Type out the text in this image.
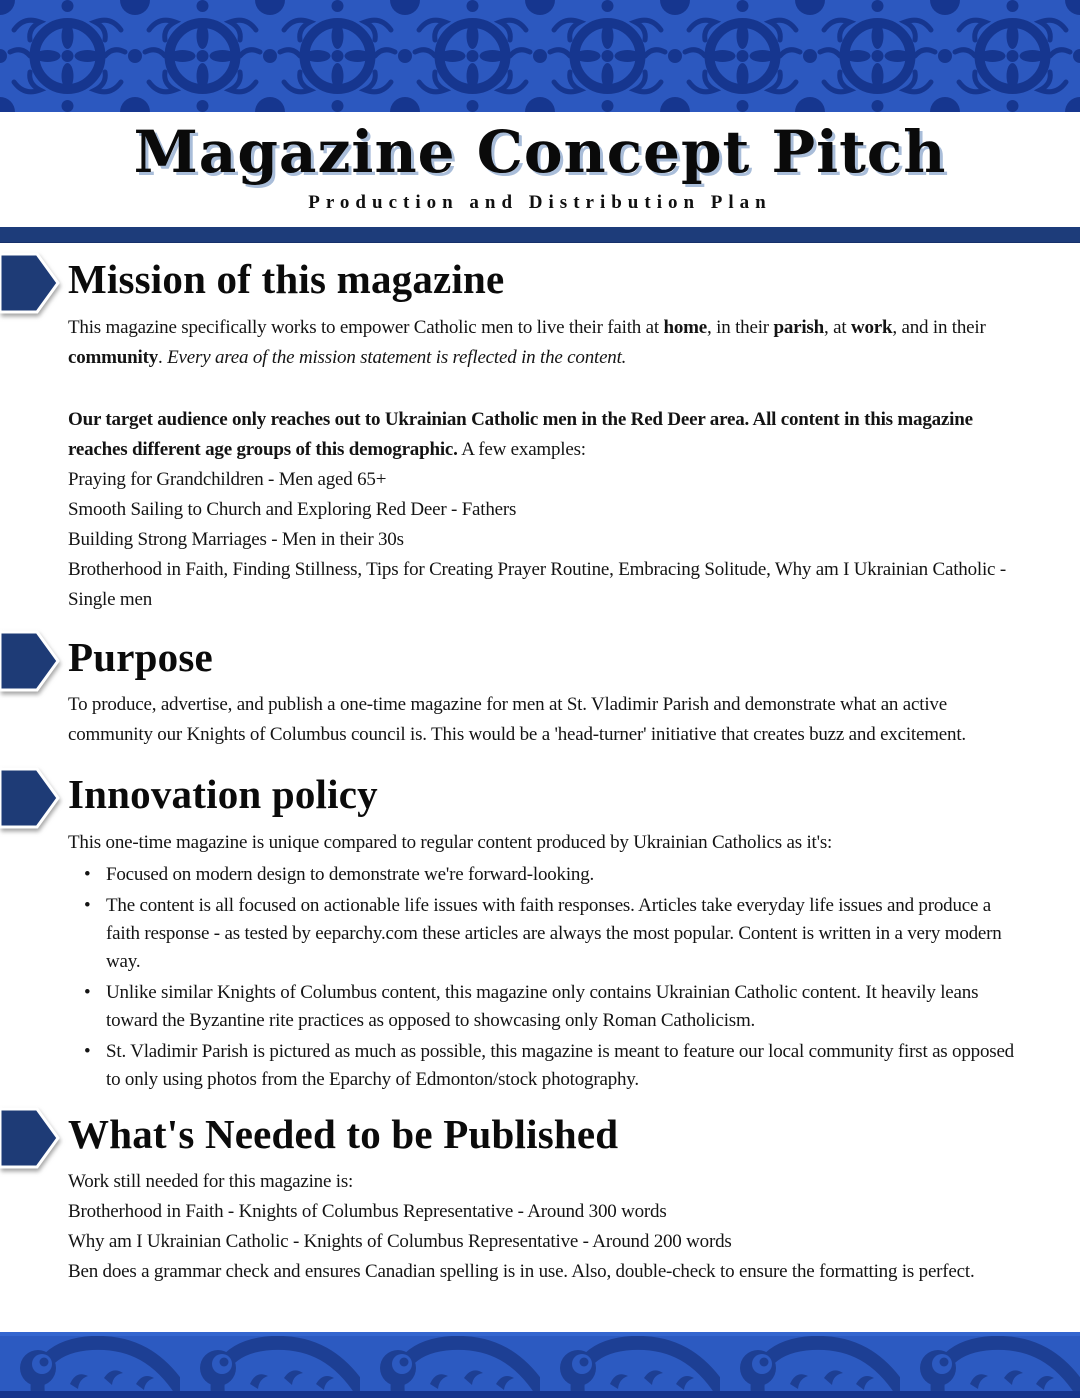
Magazine Concept Pitch
Production and Distribution Plan
Mission of this magazine

This magazine specifically works to empower Catholic men to live their faith at home, in their parish, at work, and in their community. Every area of the mission statement is reflected in the content.

Our target audience only reaches out to Ukrainian Catholic men in the Red Deer area. All content in this magazine reaches different age groups of this demographic. A few examples:

Praying for Grandchildren - Men aged 65+
Smooth Sailing to Church and Exploring Red Deer - Fathers
Building Strong Marriages - Men in their 30s
Brotherhood in Faith, Finding Stillness, Tips for Creating Prayer Routine, Embracing Solitude, Why am I Ukrainian Catholic - Single men
Purpose

To produce, advertise, and publish a one-time magazine for men at St. Vladimir Parish and demonstrate what an active community our Knights of Columbus council is. This would be a 'head-turner' initiative that creates buzz and excitement.

Innovation policy

This one-time magazine is unique compared to regular content produced by Ukrainian Catholics as it's:

• Focused on modern design to demonstrate we're forward-looking.
• The content is all focused on actionable life issues with faith responses. Articles take everyday life issues and produce a faith response - as tested by eeparchy.com these articles are always the most popular. Content is written in a very modern way.
• Unlike similar Knights of Columbus content, this magazine only contains Ukrainian Catholic content. It heavily leans toward the Byzantine rite practices as opposed to showcasing only Roman Catholicism.
• St. Vladimir Parish is pictured as much as possible, this magazine is meant to feature our local community first as opposed to only using photos from the Eparchy of Edmonton/stock photography.
What's Needed to be Published
Work still needed for this magazine is:
Brotherhood in Faith - Knights of Columbus Representative - Around 300 words
Why am I Ukrainian Catholic - Knights of Columbus Representative - Around 200 words
Ben does a grammar check and ensures Canadian spelling is in use. Also, double-check to ensure the formatting is perfect.
